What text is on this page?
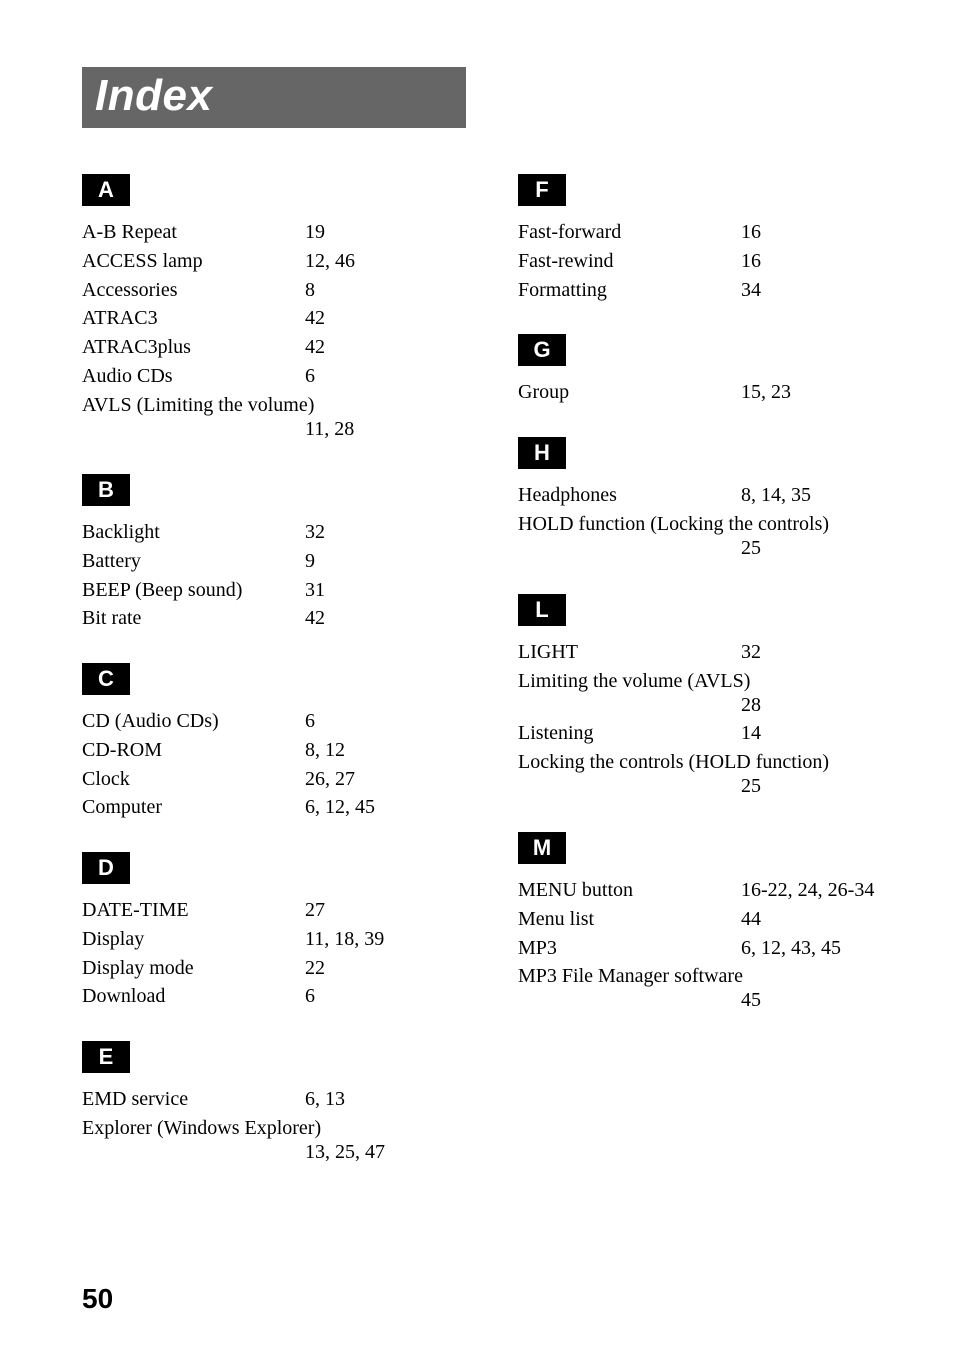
Index
A
A-B Repeat	19
ACCESS lamp	12, 46
Accessories	8
ATRAC3	42
ATRAC3plus	42
Audio CDs	6
AVLS (Limiting the volume)
11, 28
B
Backlight	32
Battery	9
BEEP (Beep sound)	31
Bit rate	42
C
CD (Audio CDs)	6
CD-ROM	8, 12
Clock	26, 27
Computer	6, 12, 45
D
DATE-TIME	27
Display	11, 18, 39
Display mode	22
Download	6
E
EMD service	6, 13
Explorer (Windows Explorer)
13, 25, 47
F
Fast-forward	16
Fast-rewind	16
Formatting	34
G
Group	15, 23
H
Headphones	8, 14, 35
HOLD function (Locking the controls)
25
L
LIGHT	32
Limiting the volume (AVLS)
28
Listening	14
Locking the controls (HOLD function)
25
M
MENU button	16-22, 24, 26-34
Menu list	44
MP3	6, 12, 43, 45
MP3 File Manager software
45
50
